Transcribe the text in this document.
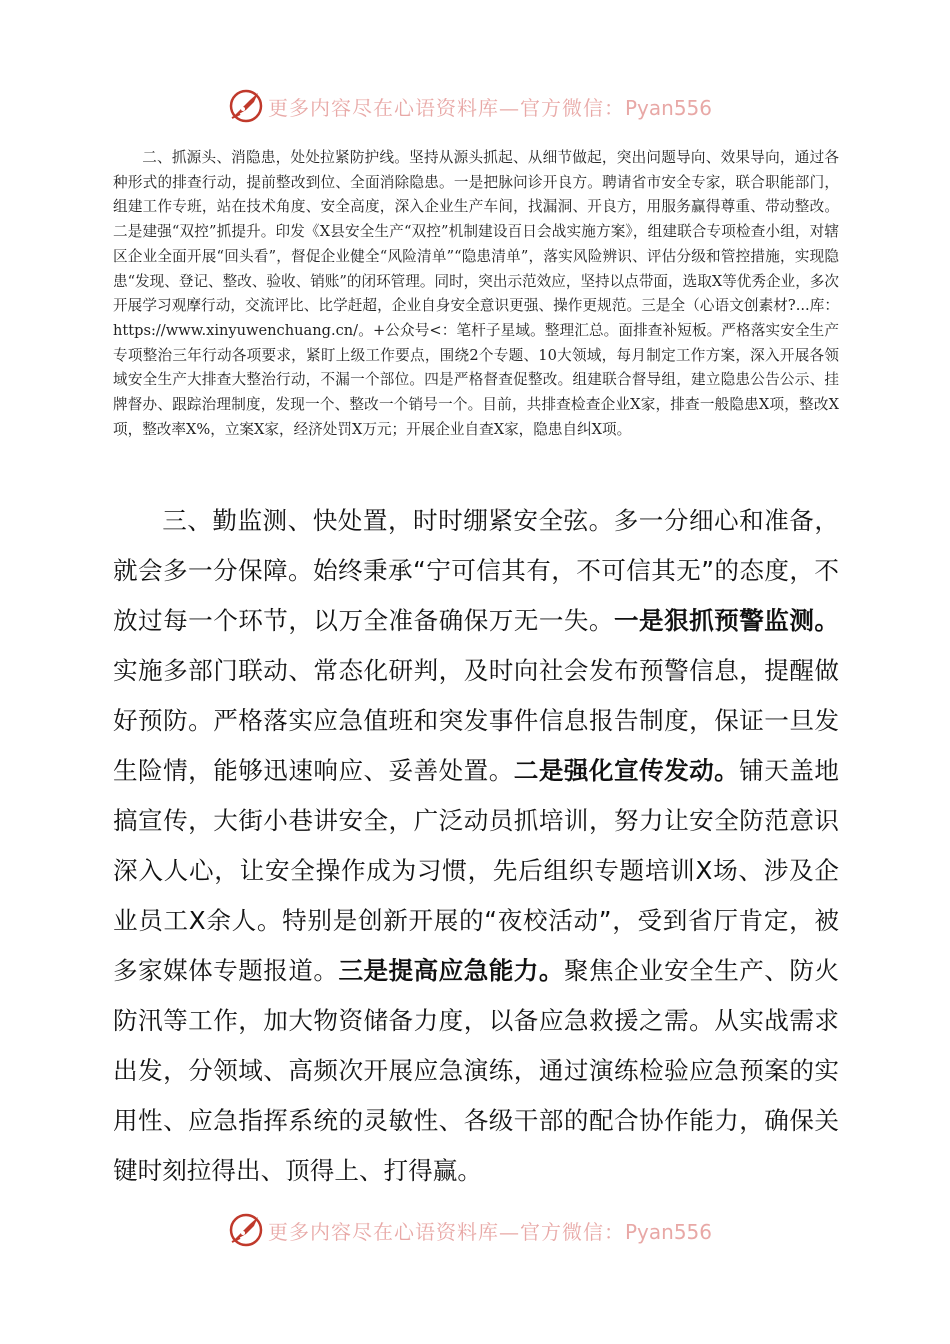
更多内容尽在心语资料库—官方微信：Pyan556

二、抓源头、消隐患，处处拉紧防护线。坚持从源头抓起、从细节做起，突出问题导向、效果导向，通过各种形式的排查行动，提前整改到位、全面消除隐患。一是把脉问诊开良方。聘请省市安全专家，联合职能部门，组建工作专班，站在技术角度、安全高度，深入企业生产车间，找漏洞、开良方，用服务赢得尊重、带动整改。二是建强“双控”抓提升。印发《X县安全生产“双控”机制建设百日会战实施方案》，组建联合专项检查小组，对辖区企业全面开展“回头看”，督促企业健全“风险清单”“隐患清单”，落实风险辨识、评估分级和管控措施，实现隐患“发现、登记、整改、验收、销账”的闭环管理。同时，突出示范效应，坚持以点带面，选取X等优秀企业，多次开展学习观摩行动，交流评比、比学赶超，企业自身安全意识更强、操作更规范。三是全（心语文创素材?...库：https://www.xinyuwenchuang.cn/。+公众号<：笔杆子星域。整理汇总。面排查补短板。严格落实安全生产专项整治三年行动各项要求，紧盯上级工作要点，围绕2个专题、10大领域，每月制定工作方案，深入开展各领域安全生产大排查大整治行动，不漏一个部位。四是严格督查促整改。组建联合督导组，建立隐患公告公示、挂牌督办、跟踪治理制度，发现一个、整改一个销号一个。目前，共排查检查企业X家，排查一般隐患X项，整改X项，整改率X%，立案X家，经济处罚X万元；开展企业自查X家，隐患自纠X项。

三、勤监测、快处置，时时绷紧安全弦。多一分细心和准备，就会多一分保障。始终秉承“宁可信其有，不可信其无”的态度，不放过每一个环节，以万全准备确保万无一失。一是狠抓预警监测。实施多部门联动、常态化研判，及时向社会发布预警信息，提醒做好预防。严格落实应急值班和突发事件信息报告制度，保证一旦发生险情，能够迅速响应、妥善处置。二是强化宣传发动。铺天盖地搞宣传，大街小巷讲安全，广泛动员抓培训，努力让安全防范意识深入人心，让安全操作成为习惯，先后组织专题培训X场、涉及企业员工X余人。特别是创新开展的“夜校活动”，受到省厅肯定，被多家媒体专题报道。三是提高应急能力。聚焦企业安全生产、防火防汛等工作，加大物资储备力度，以备应急救援之需。从实战需求出发，分领域、高频次开展应急演练，通过演练检验应急预案的实用性、应急指挥系统的灵敏性、各级干部的配合协作能力，确保关键时刻拉得出、顶得上、打得赢。

更多内容尽在心语资料库—官方微信：Pyan556
